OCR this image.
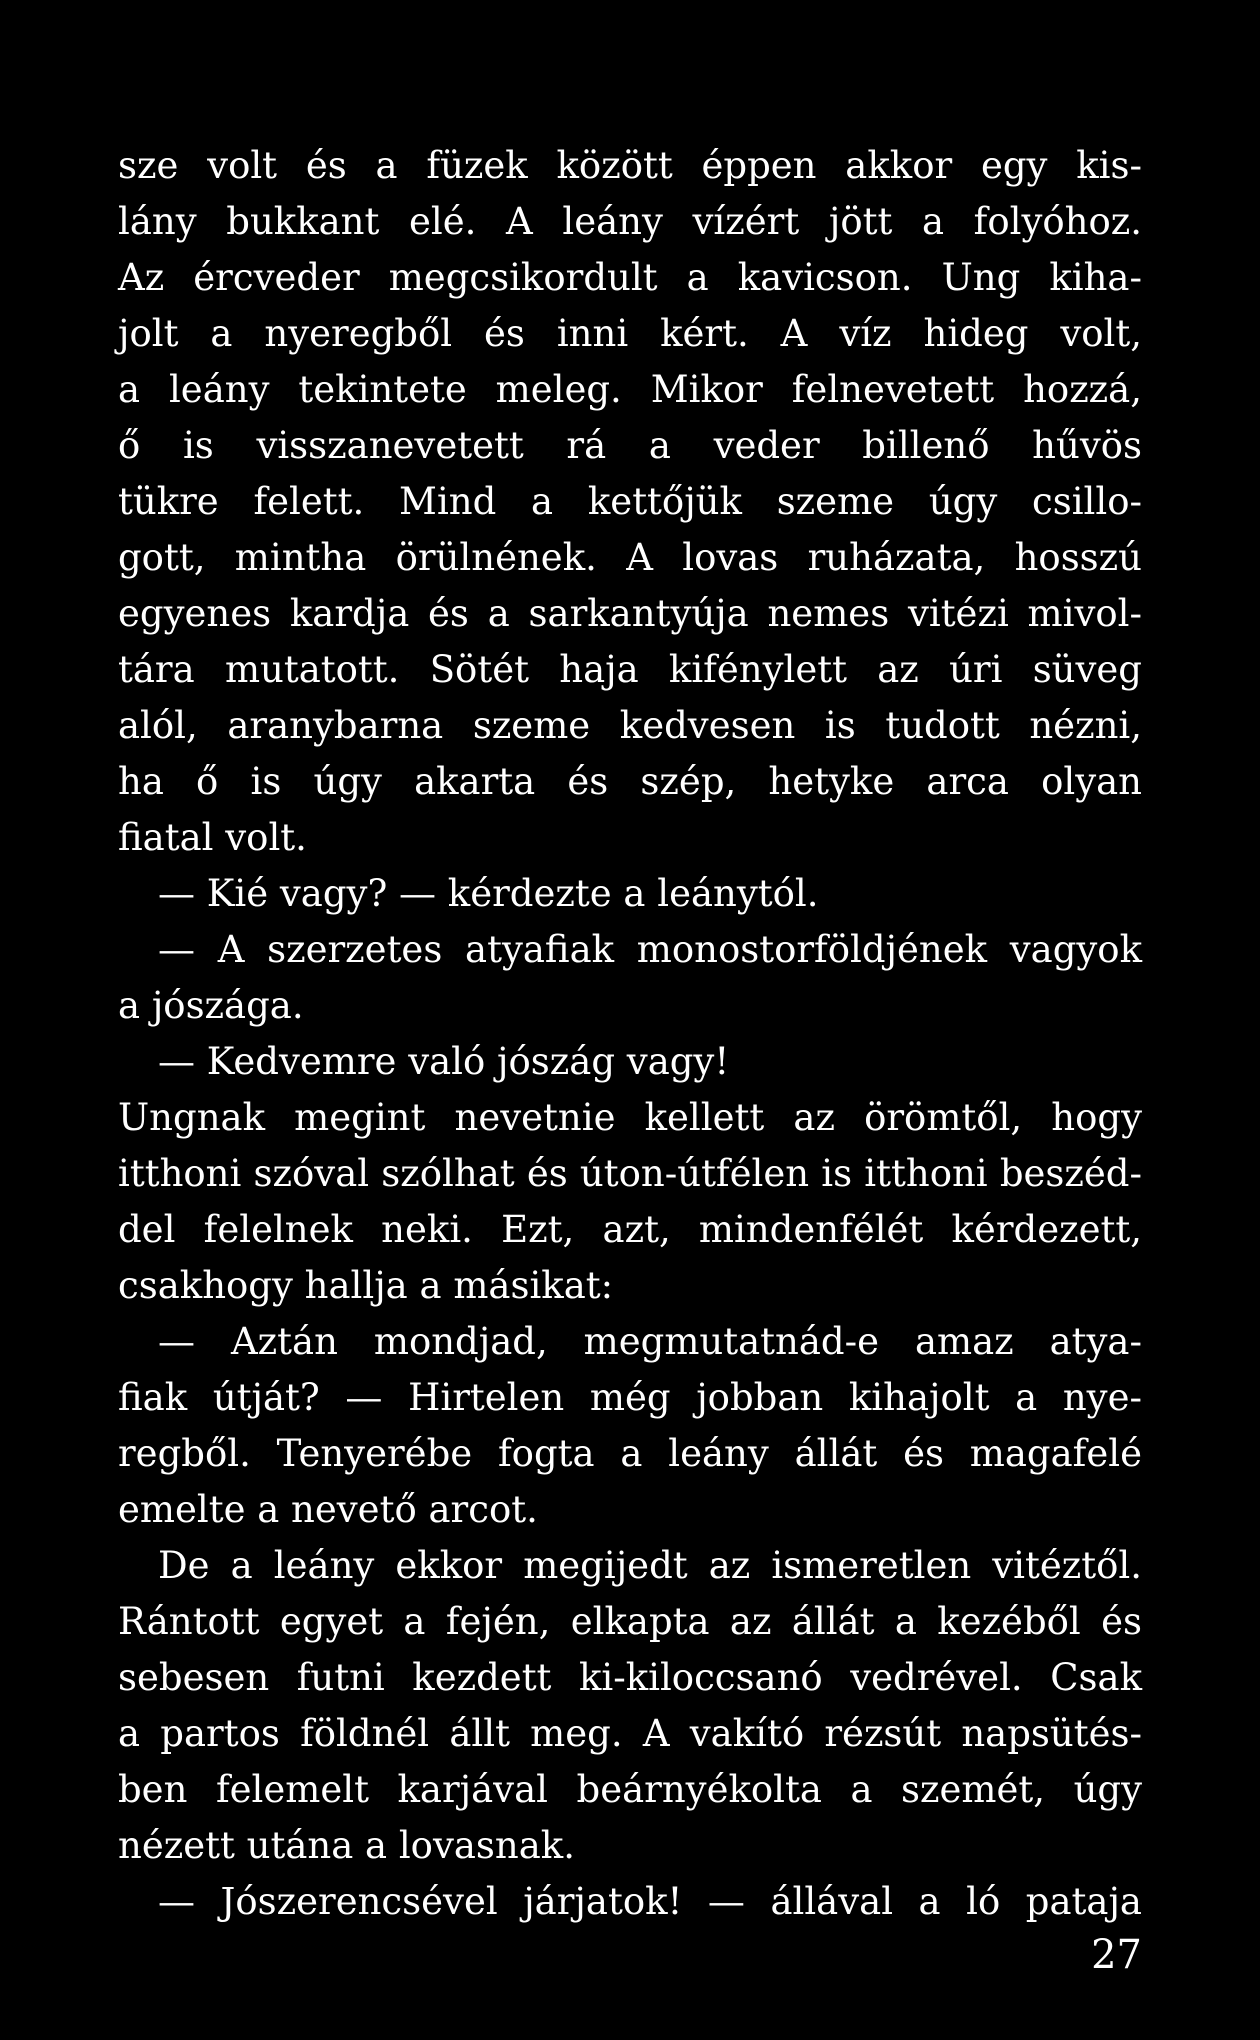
sze volt és a füzek között éppen akkor egy kis-
lány bukkant elé. A leány vízért jött a folyóhoz.
Az ércveder megcsikordult a kavicson. Ung kiha-
jolt a nyeregből és inni kért. A víz hideg volt,
a leány tekintete meleg. Mikor felnevetett hozzá,
ő is visszanevetett rá a veder billenő hűvös
tükre felett. Mind a kettőjük szeme úgy csillo-
gott, mintha örülnének. A lovas ruházata, hosszú
egyenes kardja és a sarkantyúja nemes vitézi mivol-
tára mutatott. Sötét haja kifénylett az úri süveg
alól, aranybarna szeme kedvesen is tudott nézni,
ha ő is úgy akarta és szép, hetyke arca olyan
fiatal volt.
— Kié vagy? — kérdezte a leánytól.
— A szerzetes atyafiak monostorföldjének vagyok
a jószága.
— Kedvemre való jószág vagy!
Ungnak megint nevetnie kellett az örömtől, hogy
itthoni szóval szólhat és úton-útfélen is itthoni beszéd-
del felelnek neki. Ezt, azt, mindenfélét kérdezett,
csakhogy hallja a másikat:
— Aztán mondjad, megmutatnád-e amaz atya-
fiak útját? — Hirtelen még jobban kihajolt a nye-
regből. Tenyerébe fogta a leány állát és magafelé
emelte a nevető arcot.
De a leány ekkor megijedt az ismeretlen vitéztől.
Rántott egyet a fején, elkapta az állát a kezéből és
sebesen futni kezdett ki-kiloccsanó vedrével. Csak
a partos földnél állt meg. A vakító rézsút napsütés-
ben felemelt karjával beárnyékolta a szemét, úgy
nézett utána a lovasnak.
— Jószerencsével járjatok! — állával a ló pataja
27
